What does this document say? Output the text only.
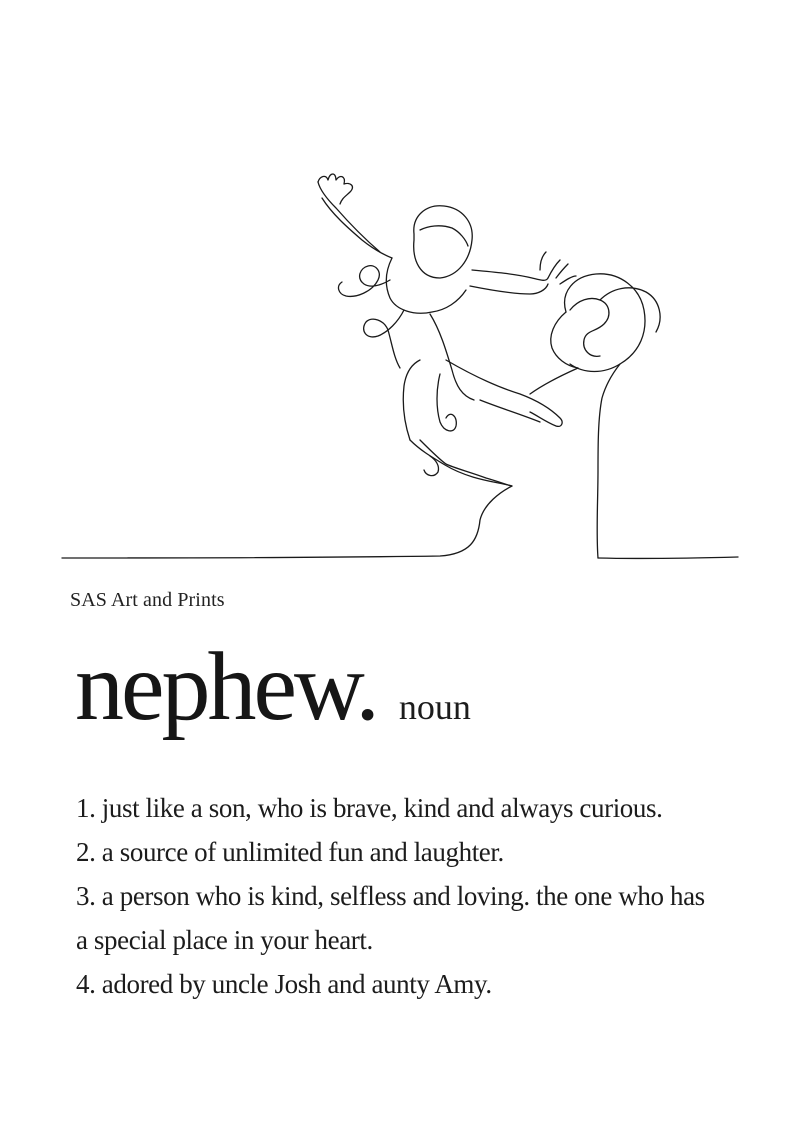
SAS Art and Prints
nephew. noun
1. just like a son, who is brave, kind and always curious.
2. a source of unlimited fun and laughter.
3. a person who is kind, selfless and loving. the one who has a special place in your heart.
4. adored by uncle Josh and aunty Amy.
